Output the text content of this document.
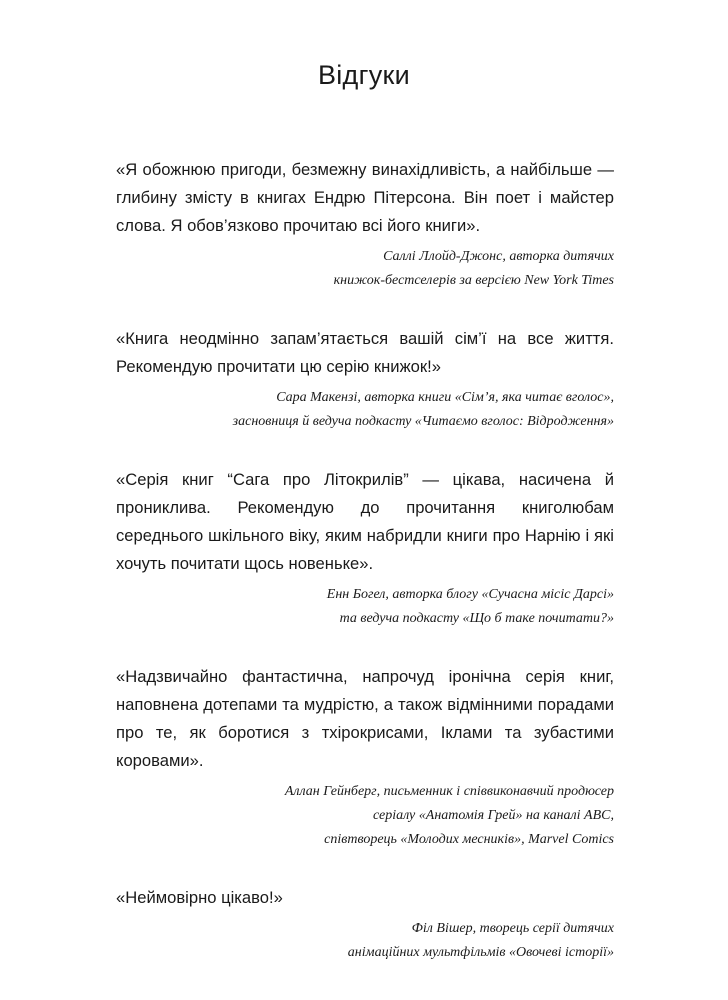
Відгуки

«Я обожнюю пригоди, безмежну винахідливість, а найбільше — глибину змісту в книгах Ендрю Пітерсона. Він поет і майстер слова. Я обов’язково прочитаю всі його книги».

Саллі Ллойд-Джонс, авторка дитячих
книжок-бестселерів за версією New York Times

«Книга неодмінно запам’ятається вашій сім’ї на все життя. Рекомендую прочитати цю серію книжок!»

Сара Макензі, авторка книги «Сім’я, яка читає вголос»,
засновниця й ведуча подкасту «Читаємо вголос: Відродження»

«Серія книг “Сага про Літокрилів” — цікава, насичена й прониклива. Рекомендую до прочитання книголюбам середнього шкільного віку, яким набридли книги про Нарнію і які хочуть почитати щось новеньке».

Енн Богел, авторка блогу «Сучасна місіс Дарсі»
та ведуча подкасту «Що б таке почитати?»

«Надзвичайно фантастична, напрочуд іронічна серія книг, наповнена дотепами та мудрістю, а також відмінними порадами про те, як боротися з тхірокрисами, Іклами та зубастими коровами».

Аллан Гейнберг, письменник і співвиконавчий продюсер
серіалу «Анатомія Грей» на каналі ABC,
співтворець «Молодих месників», Marvel Comics

«Неймовірно цікаво!»

Філ Вішер, творець серії дитячих
анімаційних мультфільмів «Овочеві історії»
